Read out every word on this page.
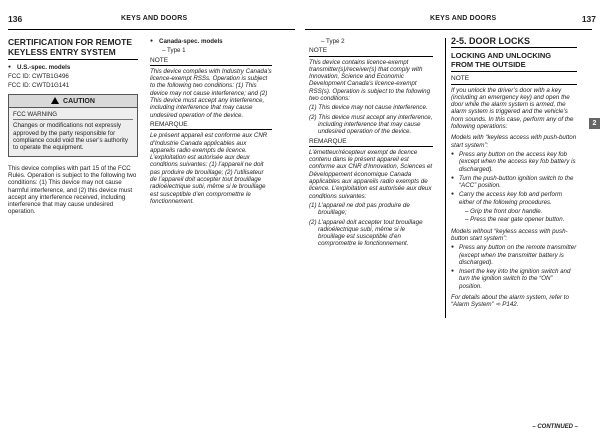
136	KEYS AND DOORS
CERTIFICATION FOR REMOTE
KEYLESS ENTRY SYSTEM
● U.S.-spec. models
FCC ID: CWTB1G496
FCC ID: CWTD1G141
CAUTION
FCC WARNING
Changes or modifications not expressly approved by the party responsible for compliance could void the user’s authority to operate the equipment.
This device complies with part 15 of the FCC Rules. Operation is subject to the following two conditions: (1) This device may not cause harmful interference, and (2) this device must accept any interference received, including interference that may cause undesired operation.
● Canada-spec. models
– Type 1
NOTE
This device complies with Industry Canada’s licence-exempt RSSs. Operation is subject to the following two conditions: (1) This device may not cause interference; and (2) This device must accept any interference, including interference that may cause undesired operation of the device.
REMARQUE
Le présent appareil est conforme aux CNR d’Industrie Canada applicables aux appareils radio exempts de licence. L’exploitation est autorisée aux deux conditions suivantes: (1) l’appareil ne doit pas produire de brouillage; (2) l’utilisateur de l’appareil doit accepter tout brouillage radioélectrique subi, même si le brouillage est susceptible d’en compromettre le fonctionnement.
KEYS AND DOORS	137
– Type 2
NOTE
This device contains licence-exempt transmitter(s)/receiver(s) that comply with Innovation, Science and Economic Development Canada’s licence-exempt RSS(s). Operation is subject to the following two conditions:
(1) This device may not cause interference.
(2) This device must accept any interference, including interference that may cause undesired operation of the device.
REMARQUE
L’émetteur/récepteur exempt de licence contenu dans le présent appareil est conforme aux CNR d’Innovation, Sciences et Développement économique Canada applicables aux appareils radio exempts de licence. L’exploitation est autorisée aux deux conditions suivantes:
(1) L’appareil ne doit pas produire de brouillage;
(2) L’appareil doit accepter tout brouillage radioélectrique subi, même si le brouillage est susceptible d’en compromettre le fonctionnement.
2-5. DOOR LOCKS
LOCKING AND UNLOCKING
FROM THE OUTSIDE
NOTE
If you unlock the driver’s door with a key (including an emergency key) and open the door while the alarm system is armed, the alarm system is triggered and the vehicle’s horn sounds. In this case, perform any of the following operations:
Models with “keyless access with push-button start system”:
● Press any button on the access key fob (except when the access key fob battery is discharged).
● Turn the push-button ignition switch to the “ACC” position.
● Carry the access key fob and perform either of the following procedures.
– Grip the front door handle.
– Press the rear gate opener button.
Models without “keyless access with push-button start system”:
● Press any button on the remote transmitter (except when the transmitter battery is discharged).
● Insert the key into the ignition switch and turn the ignition switch to the “ON” position.
For details about the alarm system, refer to “Alarm System” ➾ P142.
2
– CONTINUED –
